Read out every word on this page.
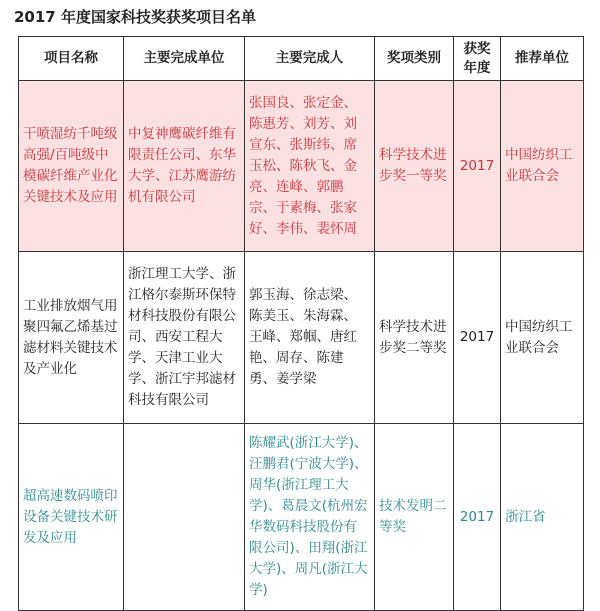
2017 年度国家科技奖获奖项目名单
项目名称	主要完成单位	主要完成人	奖项类别	获奖年度	推荐单位
干喷湿纺千吨级高强/百吨级中模碳纤维产业化关键技术及应用	中复神鹰碳纤维有限责任公司、东华大学、江苏鹰游纺机有限公司	张国良、张定金、陈惠芳、刘芳、刘宣东、张斯纬、席玉松、陈秋飞、金亮、连峰、郭鹏宗、于素梅、张家好、李伟、裴怀周	科学技术进步奖一等奖	2017	中国纺织工业联合会
工业排放烟气用聚四氟乙烯基过滤材料关键技术及产业化	浙江理工大学、浙江格尔泰斯环保特材科技股份有限公司、西安工程大学、天津工业大学、浙江宇邦滤材科技有限公司	郭玉海、徐志梁、陈美玉、朱海霖、王峰、郑帼、唐红艳、周存、陈建勇、姜学梁	科学技术进步奖二等奖	2017	中国纺织工业联合会
超高速数码喷印设备关键技术研发及应用		陈耀武(浙江大学)、汪鹏君(宁波大学)、周华(浙江理工大学)、葛晨文(杭州宏华数码科技股份有限公司)、田翔(浙江大学)、周凡(浙江大学)	技术发明二等奖	2017	浙江省
